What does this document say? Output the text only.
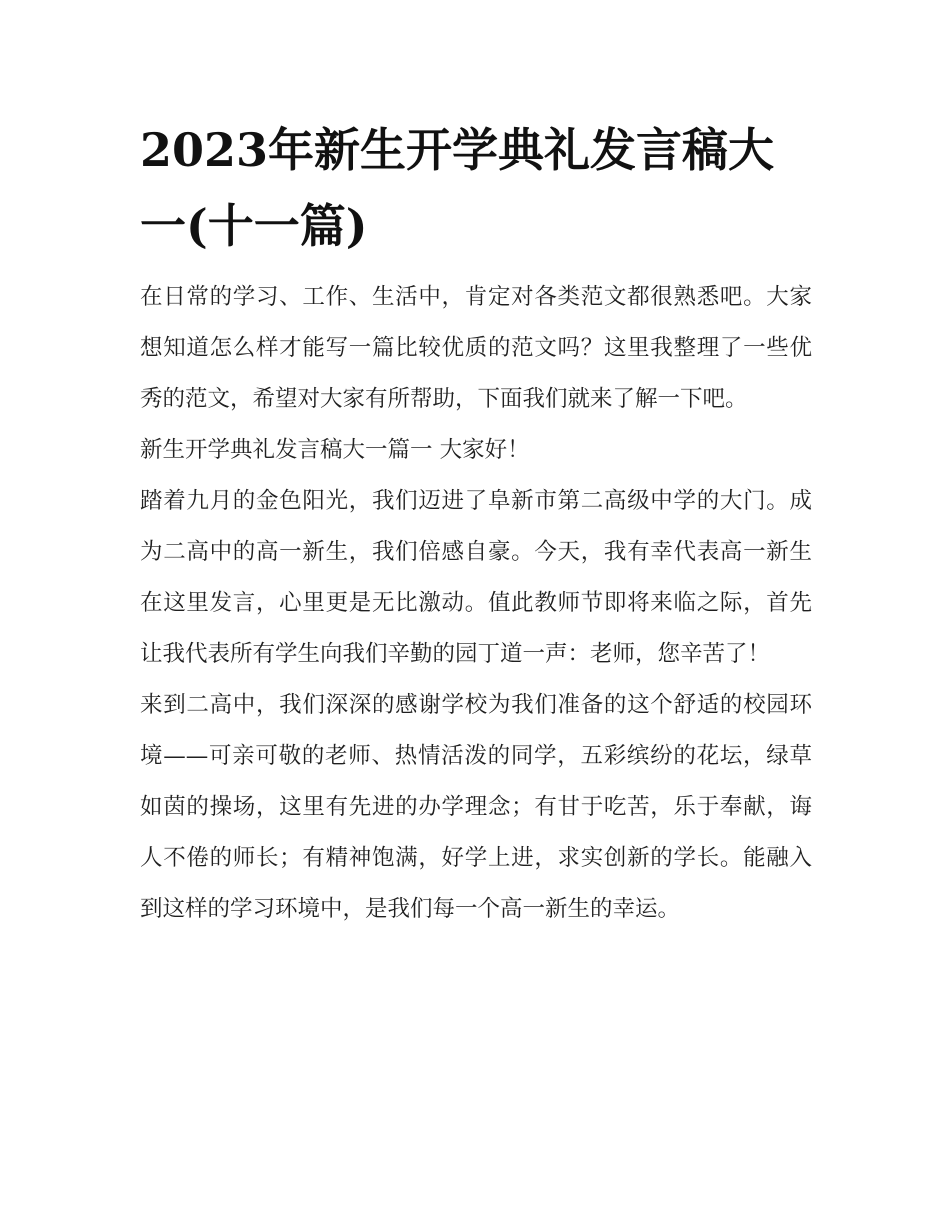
2023年新生开学典礼发言稿大一(十一篇)

在日常的学习、工作、生活中，肯定对各类范文都很熟悉吧。大家想知道怎么样才能写一篇比较优质的范文吗？这里我整理了一些优秀的范文，希望对大家有所帮助，下面我们就来了解一下吧。

新生开学典礼发言稿大一篇一 大家好！

踏着九月的金色阳光，我们迈进了阜新市第二高级中学的大门。成为二高中的高一新生，我们倍感自豪。今天，我有幸代表高一新生在这里发言，心里更是无比激动。值此教师节即将来临之际，首先让我代表所有学生向我们辛勤的园丁道一声：老师，您辛苦了！

来到二高中，我们深深的感谢学校为我们准备的这个舒适的校园环境——可亲可敬的老师、热情活泼的同学，五彩缤纷的花坛，绿草如茵的操场，这里有先进的办学理念；有甘于吃苦，乐于奉献，诲人不倦的师长；有精神饱满，好学上进，求实创新的学长。能融入到这样的学习环境中，是我们每一个高一新生的幸运。
